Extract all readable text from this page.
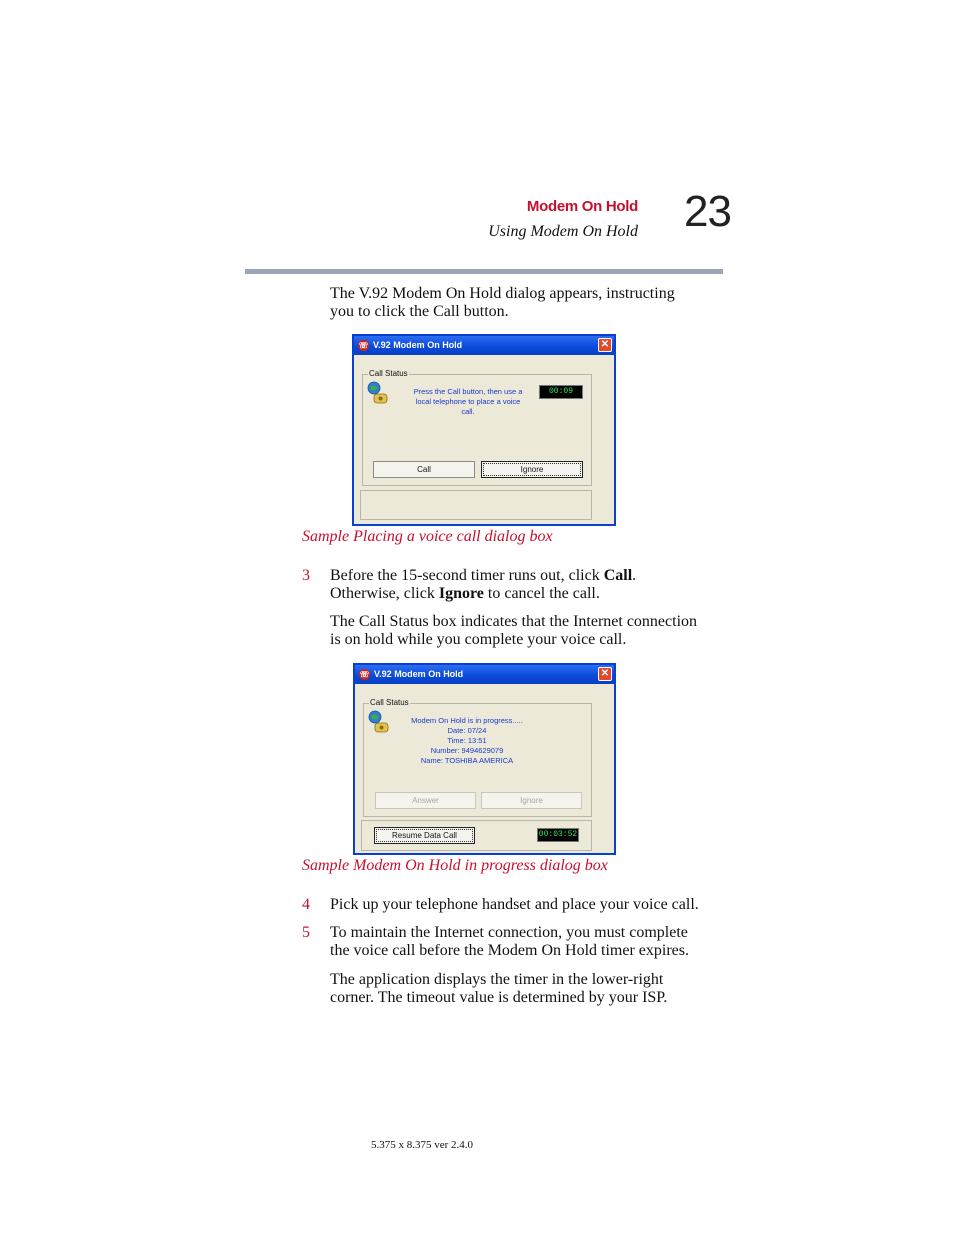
Modem On Hold
Using Modem On Hold 23
The V.92 Modem On Hold dialog appears, instructing
you to click the Call button.
☏ V.92 Modem On Hold	✕
Call Status
Press the Call button, then use a
local telephone to place a voice
call.
00:09
Call	Ignore
Sample Placing a voice call dialog box
3 Before the 15-second timer runs out, click Call.
Otherwise, click Ignore to cancel the call.
The Call Status box indicates that the Internet connection
is on hold while you complete your voice call.
☏ V.92 Modem On Hold	✕
Call Status
Modem On Hold is in progress.....
Date: 07/24
Time: 13:51
Number: 9494629079
Name: TOSHIBA AMERICA
Answer	Ignore
Resume Data Call	00:03:52
Sample Modem On Hold in progress dialog box
4 Pick up your telephone handset and place your voice call.
5 To maintain the Internet connection, you must complete
the voice call before the Modem On Hold timer expires.
The application displays the timer in the lower-right
corner. The timeout value is determined by your ISP.
5.375 x 8.375 ver 2.4.0
